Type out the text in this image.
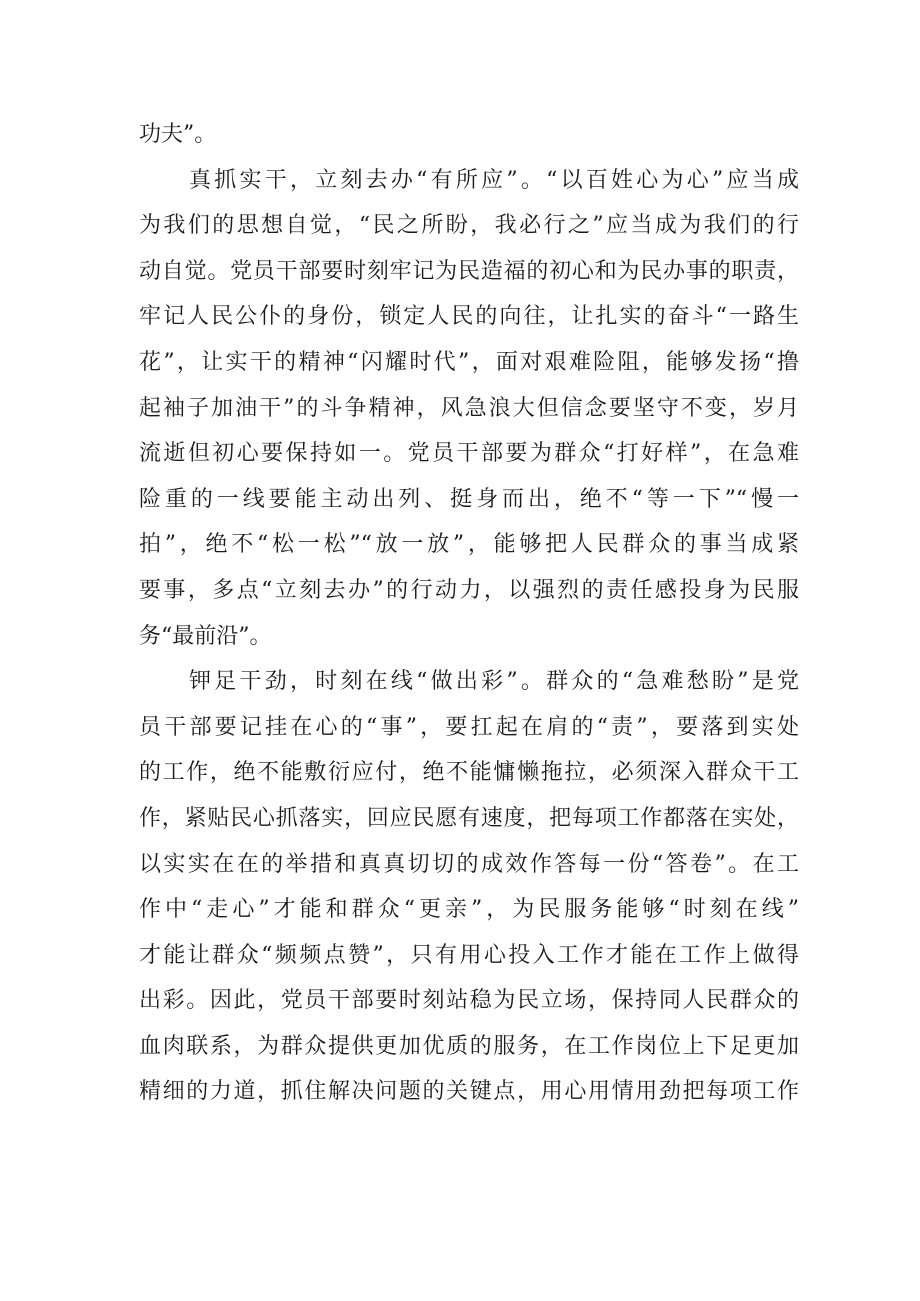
功夫”。

真抓实干，立刻去办“有所应”。“以百姓心为心”应当成

为我们的思想自觉，“民之所盼，我必行之”应当成为我们的行

动自觉。党员干部要时刻牢记为民造福的初心和为民办事的职责，

牢记人民公仆的身份，锁定人民的向往，让扎实的奋斗“一路生

花”，让实干的精神“闪耀时代”，面对艰难险阻，能够发扬“撸

起袖子加油干”的斗争精神，风急浪大但信念要坚守不变，岁月

流逝但初心要保持如一。党员干部要为群众“打好样”，在急难

险重的一线要能主动出列、挺身而出，绝不“等一下”“慢一

拍”，绝不“松一松”“放一放”，能够把人民群众的事当成紧

要事，多点“立刻去办”的行动力，以强烈的责任感投身为民服

务“最前沿”。

钾足干劲，时刻在线“做出彩”。群众的“急难愁盼”是党

员干部要记挂在心的“事”，要扛起在肩的“责”，要落到实处

的工作，绝不能敷衍应付，绝不能慵懒拖拉，必须深入群众干工

作，紧贴民心抓落实，回应民愿有速度，把每项工作都落在实处，

以实实在在的举措和真真切切的成效作答每一份“答卷”。在工

作中“走心”才能和群众“更亲”，为民服务能够“时刻在线”

才能让群众“频频点赞”，只有用心投入工作才能在工作上做得

出彩。因此，党员干部要时刻站稳为民立场，保持同人民群众的

血肉联系，为群众提供更加优质的服务，在工作岗位上下足更加

精细的力道，抓住解决问题的关键点，用心用情用劲把每项工作
